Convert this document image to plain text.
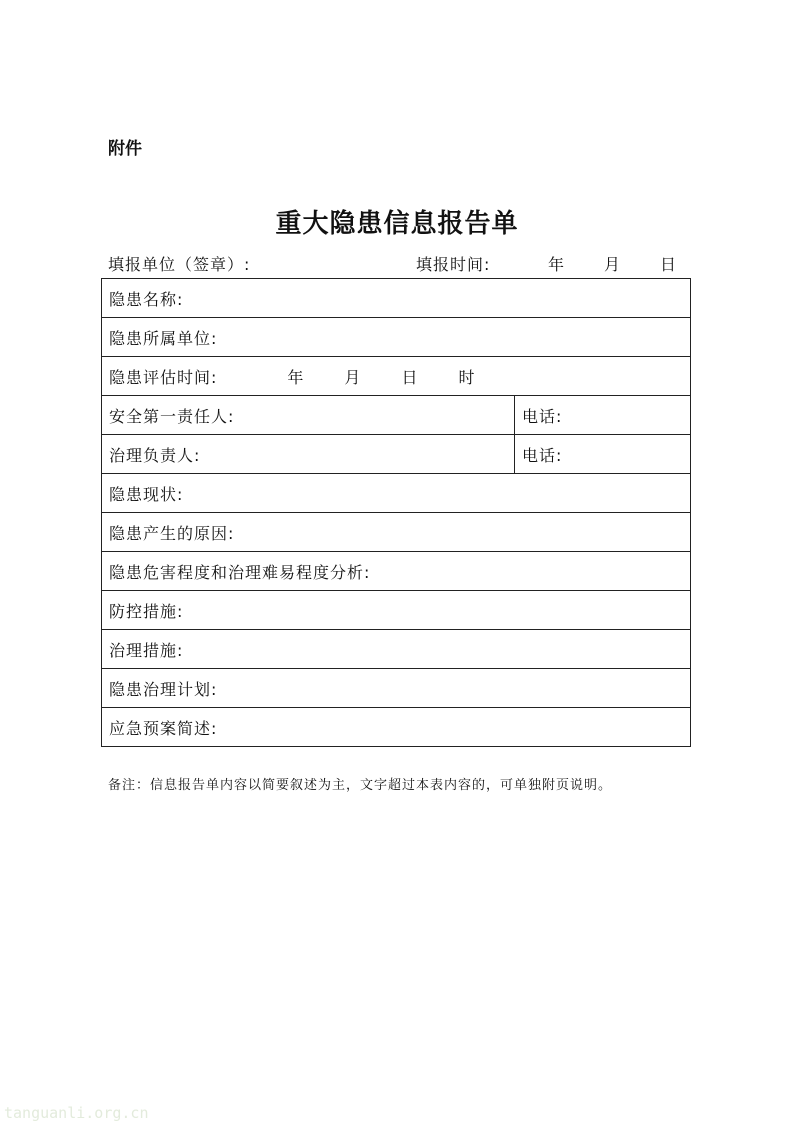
附件
重大隐患信息报告单
填报单位（签章）:	填报时间:	年 月 日
隐患名称:	
隐患所属单位:	
隐患评估时间: 年 月 日 时	
安全第一责任人:	电话:
治理负责人:	电话:
隐患现状:	
隐患产生的原因:	
隐患危害程度和治理难易程度分析:	
防控措施:	
治理措施:	
隐患治理计划:	
应急预案简述:	
备注：信息报告单内容以简要叙述为主，文字超过本表内容的，可单独附页说明。
tanguanli.org.cn
